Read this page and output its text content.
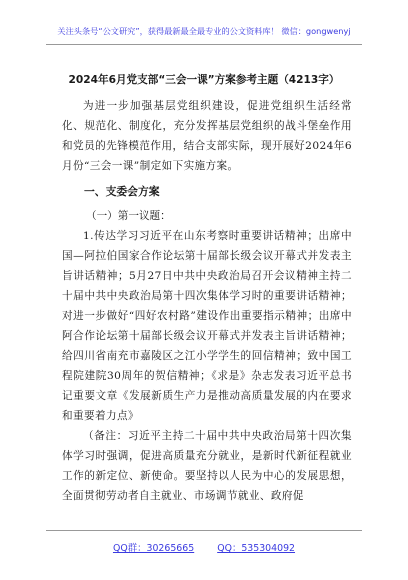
关注头条号“公文研究”，获得最新最全最专业的公文资料库！ 微信：gongwenyj
2024年6月党支部“三会一课”方案参考主题（4213字）

为进一步加强基层党组织建设，促进党组织生活经常化、规范化、制度化，充分发挥基层党组织的战斗堡垒作用和党员的先锋模范作用，结合支部实际，现开展好2024年6月份“三会一课”制定如下实施方案。

一、支委会方案
（一）第一议题：

1.传达学习习近平在山东考察时重要讲话精神；出席中国—阿拉伯国家合作论坛第十届部长级会议开幕式并发表主旨讲话精神；5月27日中共中央政治局召开会议精神主持二十届中共中央政治局第十四次集体学习时的重要讲话精神；对进一步做好“四好农村路”建设作出重要指示精神；出席中阿合作论坛第十届部长级会议开幕式并发表主旨讲话精神；给四川省南充市嘉陵区之江小学学生的回信精神；致中国工程院建院30周年的贺信精神；《求是》杂志发表习近平总书记重要文章《发展新质生产力是推动高质量发展的内在要求和重要着力点》

（备注：习近平主持二十届中共中央政治局第十四次集体学习时强调，促进高质量充分就业，是新时代新征程就业工作的新定位、新使命。要坚持以人民为中心的发展思想，全面贯彻劳动者自主就业、市场调节就业、政府促

QQ群：30265665 QQ：535304092
